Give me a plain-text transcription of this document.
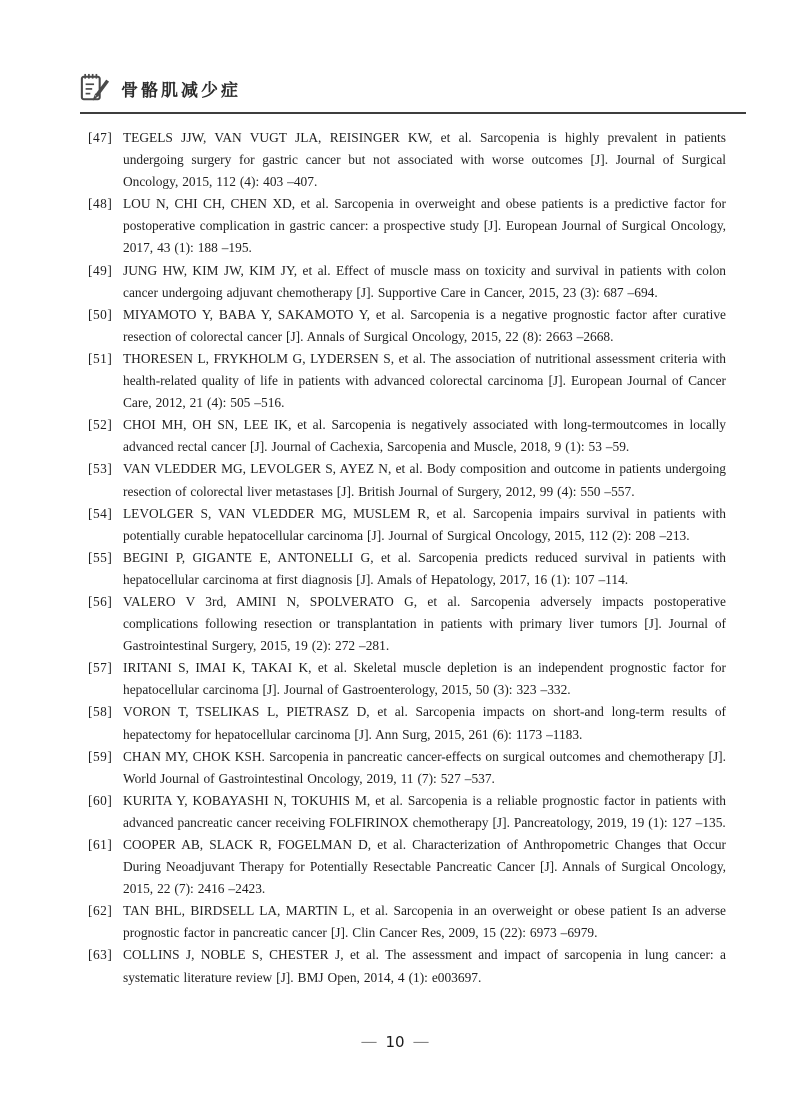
骨骼肌减少症
[47] TEGELS JJW, VAN VUGT JLA, REISINGER KW, et al. Sarcopenia is highly prevalent in patients undergoing surgery for gastric cancer but not associated with worse outcomes [J]. Journal of Surgical Oncology, 2015, 112 (4): 403 –407.
[48] LOU N, CHI CH, CHEN XD, et al. Sarcopenia in overweight and obese patients is a predictive factor for postoperative complication in gastric cancer: a prospective study [J]. European Journal of Surgical Oncology, 2017, 43 (1): 188 –195.
[49] JUNG HW, KIM JW, KIM JY, et al. Effect of muscle mass on toxicity and survival in patients with colon cancer undergoing adjuvant chemotherapy [J]. Supportive Care in Cancer, 2015, 23 (3): 687 –694.
[50] MIYAMOTO Y, BABA Y, SAKAMOTO Y, et al. Sarcopenia is a negative prognostic factor after curative resection of colorectal cancer [J]. Annals of Surgical Oncology, 2015, 22 (8): 2663 –2668.
[51] THORESEN L, FRYKHOLM G, LYDERSEN S, et al. The association of nutritional assessment criteria with health-related quality of life in patients with advanced colorectal carcinoma [J]. European Journal of Cancer Care, 2012, 21 (4): 505 –516.
[52] CHOI MH, OH SN, LEE IK, et al. Sarcopenia is negatively associated with long-termoutcomes in locally advanced rectal cancer [J]. Journal of Cachexia, Sarcopenia and Muscle, 2018, 9 (1): 53 –59.
[53] VAN VLEDDER MG, LEVOLGER S, AYEZ N, et al. Body composition and outcome in patients undergoing resection of colorectal liver metastases [J]. British Journal of Surgery, 2012, 99 (4): 550 –557.
[54] LEVOLGER S, VAN VLEDDER MG, MUSLEM R, et al. Sarcopenia impairs survival in patients with potentially curable hepatocellular carcinoma [J]. Journal of Surgical Oncology, 2015, 112 (2): 208 –213.
[55] BEGINI P, GIGANTE E, ANTONELLI G, et al. Sarcopenia predicts reduced survival in patients with hepatocellular carcinoma at first diagnosis [J]. Amals of Hepatology, 2017, 16 (1): 107 –114.
[56] VALERO V 3rd, AMINI N, SPOLVERATO G, et al. Sarcopenia adversely impacts postoperative complications following resection or transplantation in patients with primary liver tumors [J]. Journal of Gastrointestinal Surgery, 2015, 19 (2): 272 –281.
[57] IRITANI S, IMAI K, TAKAI K, et al. Skeletal muscle depletion is an independent prognostic factor for hepatocellular carcinoma [J]. Journal of Gastroenterology, 2015, 50 (3): 323 –332.
[58] VORON T, TSELIKAS L, PIETRASZ D, et al. Sarcopenia impacts on short-and long-term results of hepatectomy for hepatocellular carcinoma [J]. Ann Surg, 2015, 261 (6): 1173 –1183.
[59] CHAN MY, CHOK KSH. Sarcopenia in pancreatic cancer-effects on surgical outcomes and chemotherapy [J]. World Journal of Gastrointestinal Oncology, 2019, 11 (7): 527 –537.
[60] KURITA Y, KOBAYASHI N, TOKUHIS M, et al. Sarcopenia is a reliable prognostic factor in patients with advanced pancreatic cancer receiving FOLFIRINOX chemotherapy [J]. Pancreatology, 2019, 19 (1): 127 –135.
[61] COOPER AB, SLACK R, FOGELMAN D, et al. Characterization of Anthropometric Changes that Occur During Neoadjuvant Therapy for Potentially Resectable Pancreatic Cancer [J]. Annals of Surgical Oncology, 2015, 22 (7): 2416 –2423.
[62] TAN BHL, BIRDSELL LA, MARTIN L, et al. Sarcopenia in an overweight or obese patient Is an adverse prognostic factor in pancreatic cancer [J]. Clin Cancer Res, 2009, 15 (22): 6973 –6979.
[63] COLLINS J, NOBLE S, CHESTER J, et al. The assessment and impact of sarcopenia in lung cancer: a systematic literature review [J]. BMJ Open, 2014, 4 (1): e003697.
— 10 —
